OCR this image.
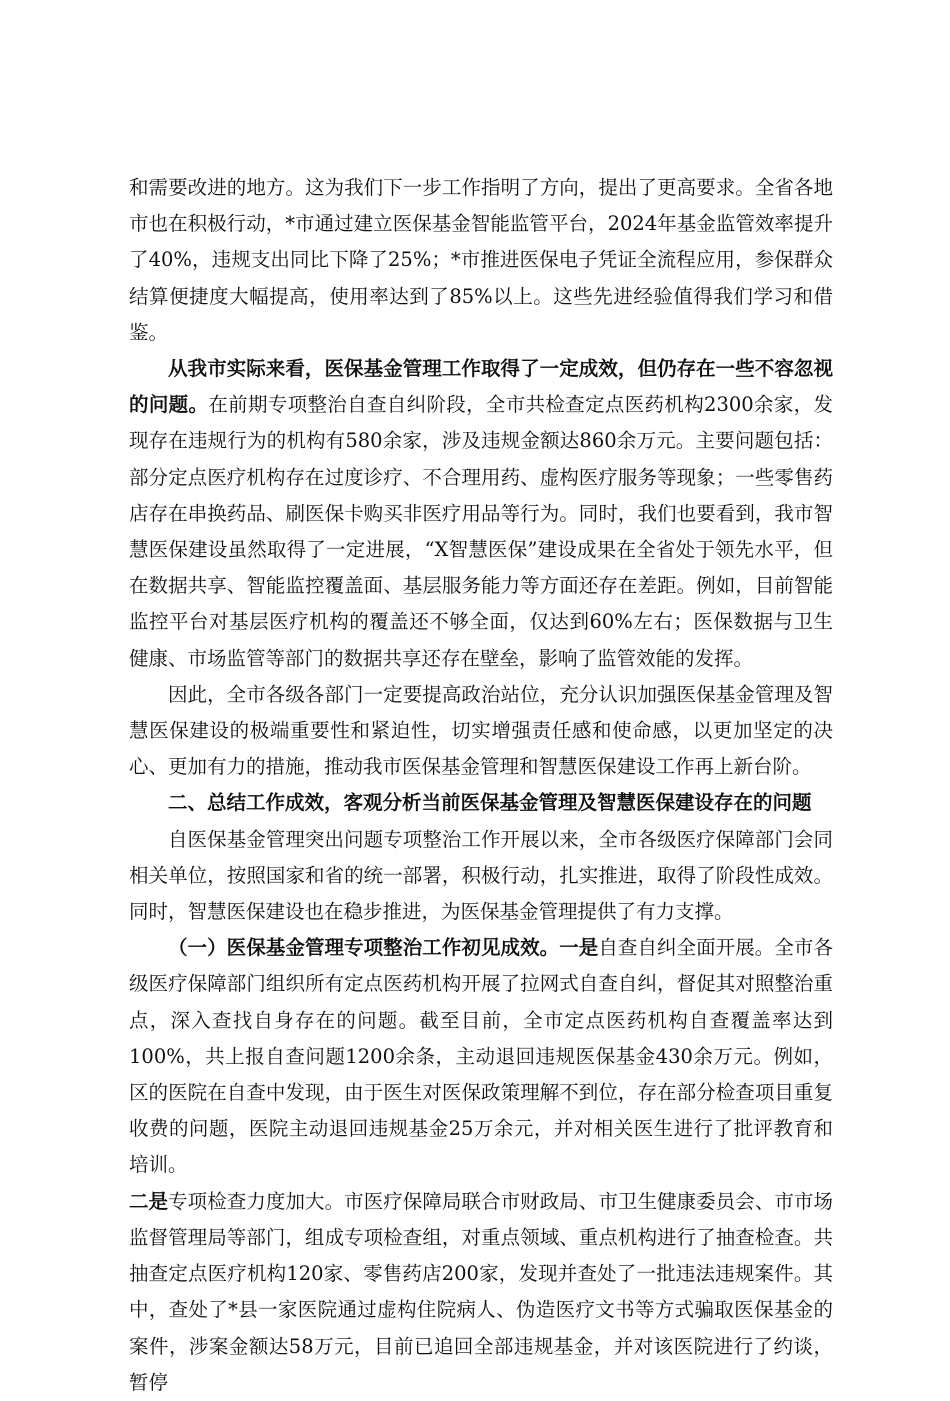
和需要改进的地方。这为我们下一步工作指明了方向，提出了更高要求。全省各地市也在积极行动，*市通过建立医保基金智能监管平台，2024年基金监管效率提升了40%，违规支出同比下降了25%；*市推进医保电子凭证全流程应用，参保群众结算便捷度大幅提高，使用率达到了85%以上。这些先进经验值得我们学习和借鉴。

从我市实际来看，医保基金管理工作取得了一定成效，但仍存在一些不容忽视的问题。在前期专项整治自查自纠阶段，全市共检查定点医药机构2300余家，发现存在违规行为的机构有580余家，涉及违规金额达860余万元。主要问题包括：部分定点医疗机构存在过度诊疗、不合理用药、虚构医疗服务等现象；一些零售药店存在串换药品、刷医保卡购买非医疗用品等行为。同时，我们也要看到，我市智慧医保建设虽然取得了一定进展，“X智慧医保”建设成果在全省处于领先水平，但在数据共享、智能监控覆盖面、基层服务能力等方面还存在差距。例如，目前智能监控平台对基层医疗机构的覆盖还不够全面，仅达到60%左右；医保数据与卫生健康、市场监管等部门的数据共享还存在壁垒，影响了监管效能的发挥。

因此，全市各级各部门一定要提高政治站位，充分认识加强医保基金管理及智慧医保建设的极端重要性和紧迫性，切实增强责任感和使命感，以更加坚定的决心、更加有力的措施，推动我市医保基金管理和智慧医保建设工作再上新台阶。

二、总结工作成效，客观分析当前医保基金管理及智慧医保建设存在的问题

自医保基金管理突出问题专项整治工作开展以来，全市各级医疗保障部门会同相关单位，按照国家和省的统一部署，积极行动，扎实推进，取得了阶段性成效。同时，智慧医保建设也在稳步推进，为医保基金管理提供了有力支撑。

（一）医保基金管理专项整治工作初见成效。一是自查自纠全面开展。全市各级医疗保障部门组织所有定点医药机构开展了拉网式自查自纠，督促其对照整治重点，深入查找自身存在的问题。截至目前，全市定点医药机构自查覆盖率达到100%，共上报自查问题1200余条，主动退回违规医保基金430余万元。例如，区的医院在自查中发现，由于医生对医保政策理解不到位，存在部分检查项目重复收费的问题，医院主动退回违规基金25万余元，并对相关医生进行了批评教育和培训。

二是专项检查力度加大。市医疗保障局联合市财政局、市卫生健康委员会、市市场监督管理局等部门，组成专项检查组，对重点领域、重点机构进行了抽查检查。共抽查定点医疗机构120家、零售药店200家，发现并查处了一批违法违规案件。其中，查处了*县一家医院通过虚构住院病人、伪造医疗文书等方式骗取医保基金的案件，涉案金额达58万元，目前已追回全部违规基金，并对该医院进行了约谈，暂停
